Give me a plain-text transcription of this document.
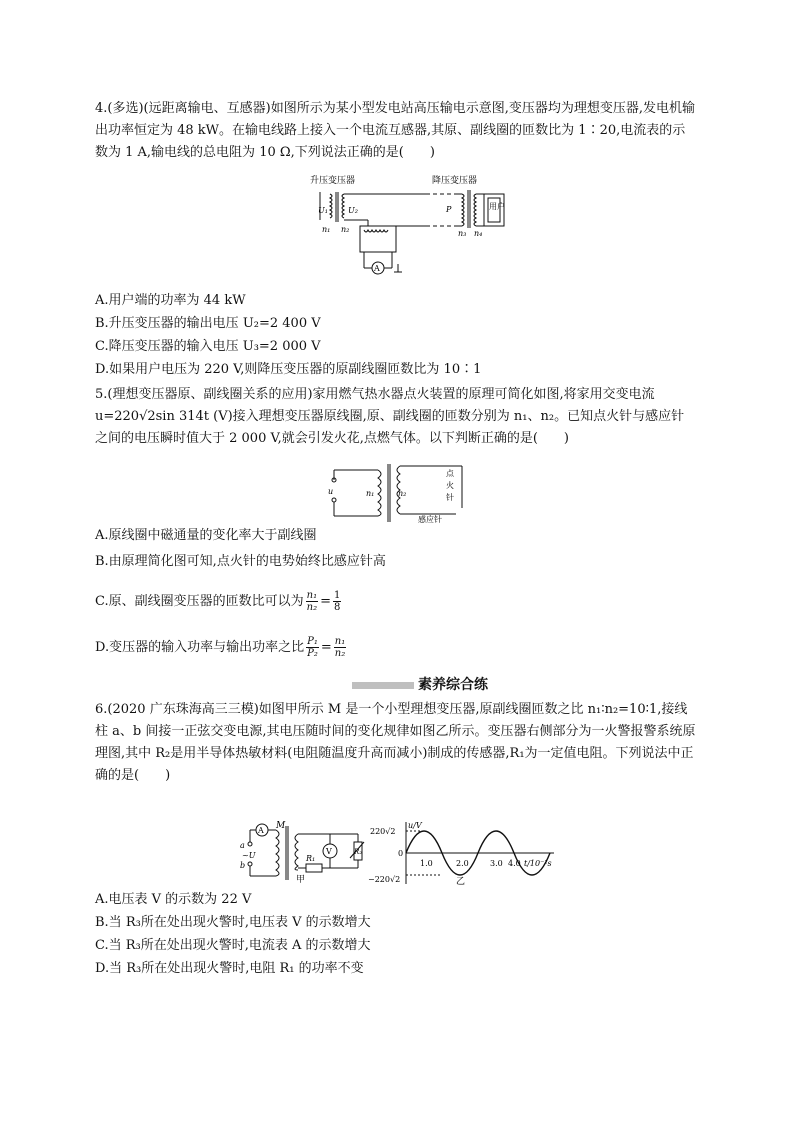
4.(多选)(远距离输电、互感器)如图所示为某小型发电站高压输电示意图,变压器均为理想变压器,发电机输出功率恒定为 48 kW。在输电线路上接入一个电流互感器,其原、副线圈的匝数比为 1∶20,电流表的示数为 1 A,输电线的总电阻为 10 Ω,下列说法正确的是(　　)
升压变压器	降压变压器
U₁	U₂
n₁ n₂
A
P
n₃ n₄
用户
A.用户端的功率为 44 kW
B.升压变压器的输出电压 U₂=2 400 V
C.降压变压器的输入电压 U₃=2 000 V
D.如果用户电压为 220 V,则降压变压器的原副线圈匝数比为 10∶1
5.(理想变压器原、副线圈关系的应用)家用燃气热水器点火装置的原理可简化如图,将家用交变电流 u=220√2sin 314t (V)接入理想变压器原线圈,原、副线圈的匝数分别为 n₁、n₂。已知点火针与感应针之间的电压瞬时值大于 2 000 V,就会引发火花,点燃气体。以下判断正确的是(　　)
u	n₁	n₂
点
火
针
感应针
A.原线圈中磁通量的变化率大于副线圈
B.由原理简化图可知,点火针的电势始终比感应针高
C.原、副线圈变压器的匝数比可以为 $\frac{\text{n₁}}{\text{n₂}} = \frac{1}{8}$
D.变压器的输入功率与输出功率之比 $\frac{\text{P₁}}{\text{P₂}} = \frac{\text{n₁}}{\text{n₂}}$
素养综合练
6.(2020 广东珠海高三三模)如图甲所示 M 是一个小型理想变压器,原副线圈匝数之比 n₁∶n₂=10∶1,接线柱 a、b 间接一正弦交变电源,其电压随时间的变化规律如图乙所示。变压器右侧部分为一火警报警系统原理图,其中 R₂是用半导体热敏材料(电阻随温度升高而减小)制成的传感器,R₁为一定值电阻。下列说法中正确的是(　　)
M
A
a
b
~U	R₁
V	R₂
甲
u/V
220√2
0
−220√2
1.0	2.0	3.0 4.0 t/10⁻²s
乙
A.电压表 V 的示数为 22 V
B.当 R₃所在处出现火警时,电压表 V 的示数增大
C.当 R₃所在处出现火警时,电流表 A 的示数增大
D.当 R₃所在处出现火警时,电阻 R₁ 的功率不变
